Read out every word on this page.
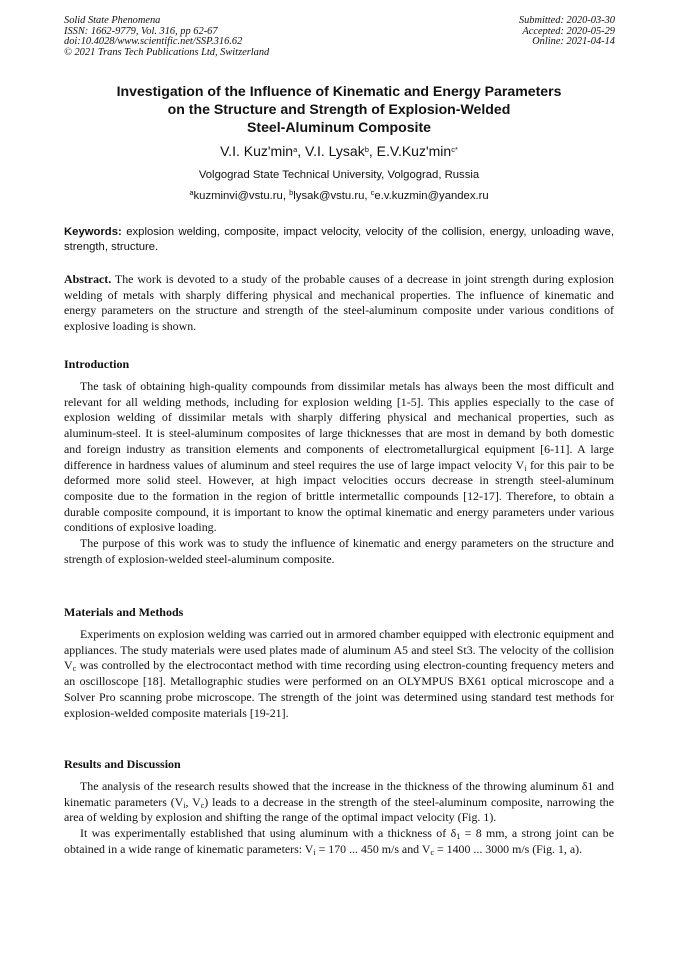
Solid State Phenomena
ISSN: 1662-9779, Vol. 316, pp 62-67
doi:10.4028/www.scientific.net/SSP.316.62
© 2021 Trans Tech Publications Ltd, Switzerland
Submitted: 2020-03-30
Accepted: 2020-05-29
Online: 2021-04-14
Investigation of the Influence of Kinematic and Energy Parameters
on the Structure and Strength of Explosion-Welded
Steel-Aluminum Composite
V.I. $Kuz'\min^a$, V.I. Lysak$^b$, $E.V.Kuz'\min^{c*}$
Volgograd State Technical University, Volgograd, Russia
$^a$kuzminvi@vstu.ru, $^b$lysak@vstu.ru, $^c$e.v.kuzmin@yandex.ru
Keywords: explosion welding, composite, impact velocity, velocity of the collision, energy, unloading wave, strength, structure.

Abstract. The work is devoted to a study of the probable causes of a decrease in joint strength during explosion welding of metals with sharply differing physical and mechanical properties. The influence of kinematic and energy parameters on the structure and strength of the steel-aluminum composite under various conditions of explosive loading is shown.

Introduction

The task of obtaining high-quality compounds from dissimilar metals has always been the most difficult and relevant for all welding methods, including for explosion welding [1-5]. This applies especially to the case of explosion welding of dissimilar metals with sharply differing physical and mechanical properties, such as aluminum-steel. It is steel-aluminum composites of large thicknesses that are most in demand by both domestic and foreign industry as transition elements and components of electrometallurgical equipment [6-11]. A large difference in hardness values of aluminum and steel requires the use of large impact velocity $V_i$ for this pair to be deformed more solid steel. However, at high impact velocities occurs decrease in strength steel-aluminum composite due to the formation in the region of brittle intermetallic compounds [12-17]. Therefore, to obtain a durable composite compound, it is important to know the optimal kinematic and energy parameters under various conditions of explosive loading.

The purpose of this work was to study the influence of kinematic and energy parameters on the structure and strength of explosion-welded steel-aluminum composite.

Materials and Methods

Experiments on explosion welding was carried out in armored chamber equipped with electronic equipment and appliances. The study materials were used plates made of aluminum A5 and steel St3. The velocity of the collision $V_c$ was controlled by the electrocontact method with time recording using electron-counting frequency meters and an oscilloscope [18]. Metallographic studies were performed on an OLYMPUS BX61 optical microscope and a Solver Pro scanning probe microscope. The strength of the joint was determined using standard test methods for explosion-welded composite materials [19-21].

Results and Discussion

The analysis of the research results showed that the increase in the thickness of the throwing aluminum δ1 and kinematic parameters ($V_i$, $V_c$) leads to a decrease in the strength of the steel-aluminum composite, narrowing the area of welding by explosion and shifting the range of the optimal impact velocity (Fig. 1).

It was experimentally established that using aluminum with a thickness of $\delta_1 = 8$ mm, a strong joint can be obtained in a wide range of kinematic parameters: $V_i = 170$ ... 450 m/s and $V_c = 1400$ ... 3000 m/s (Fig. 1, a).
